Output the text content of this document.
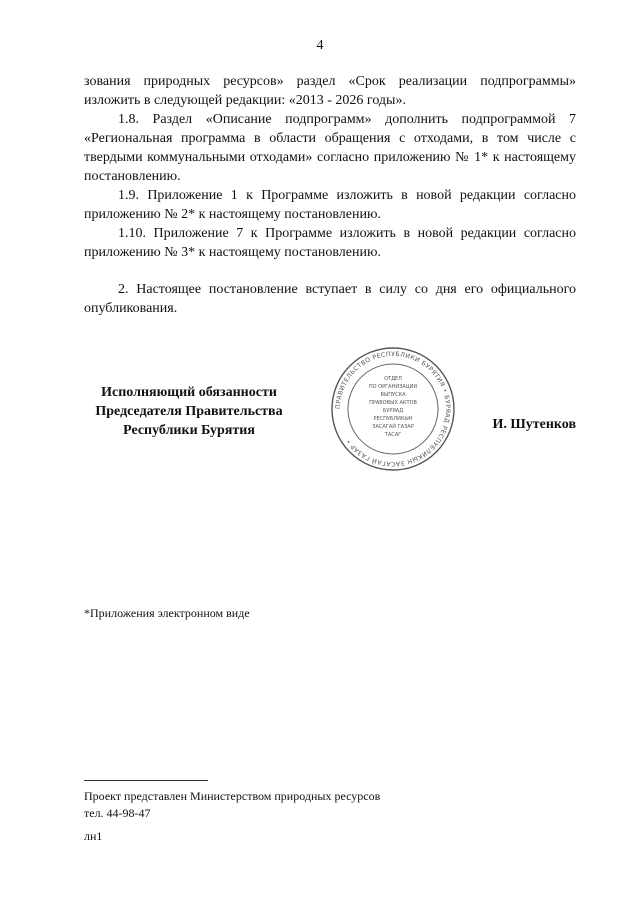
4

зования природных ресурсов» раздел «Срок реализации подпрограммы» изложить в следующей редакции: «2013 - 2026 годы».

1.8. Раздел «Описание подпрограмм» дополнить подпрограммой 7 «Региональная программа в области обращения с отходами, в том числе с твердыми коммунальными отходами» согласно приложению № 1* к настоящему постановлению.

1.9. Приложение 1 к Программе изложить в новой редакции согласно приложению № 2* к настоящему постановлению.

1.10. Приложение 7 к Программе изложить в новой редакции согласно приложению № 3* к настоящему постановлению.

2. Настоящее постановление вступает в силу со дня его официального опубликования.

Исполняющий обязанности
Председателя Правительства
Республики Бурятия
ПРАВИТЕЛЬСТВО РЕСПУБЛИКИ БУРЯТИЯ • БУРЯАД РЕСПУБЛИКЫН ЗАСАГАЙ ГАЗАР •
ОТДЕЛ
ПО ОРГАНИЗАЦИИ
ВЫПУСКА
ПРАВОВЫХ АКТОВ
БУРЯАД
РЕСПУБЛИКЫН
ЗАСАГАЙ ГАЗАР
ТАСАГ
И. Шутенков
*Приложения электронном виде
Проект представлен Министерством природных ресурсов
тел. 44-98-47
лн1
